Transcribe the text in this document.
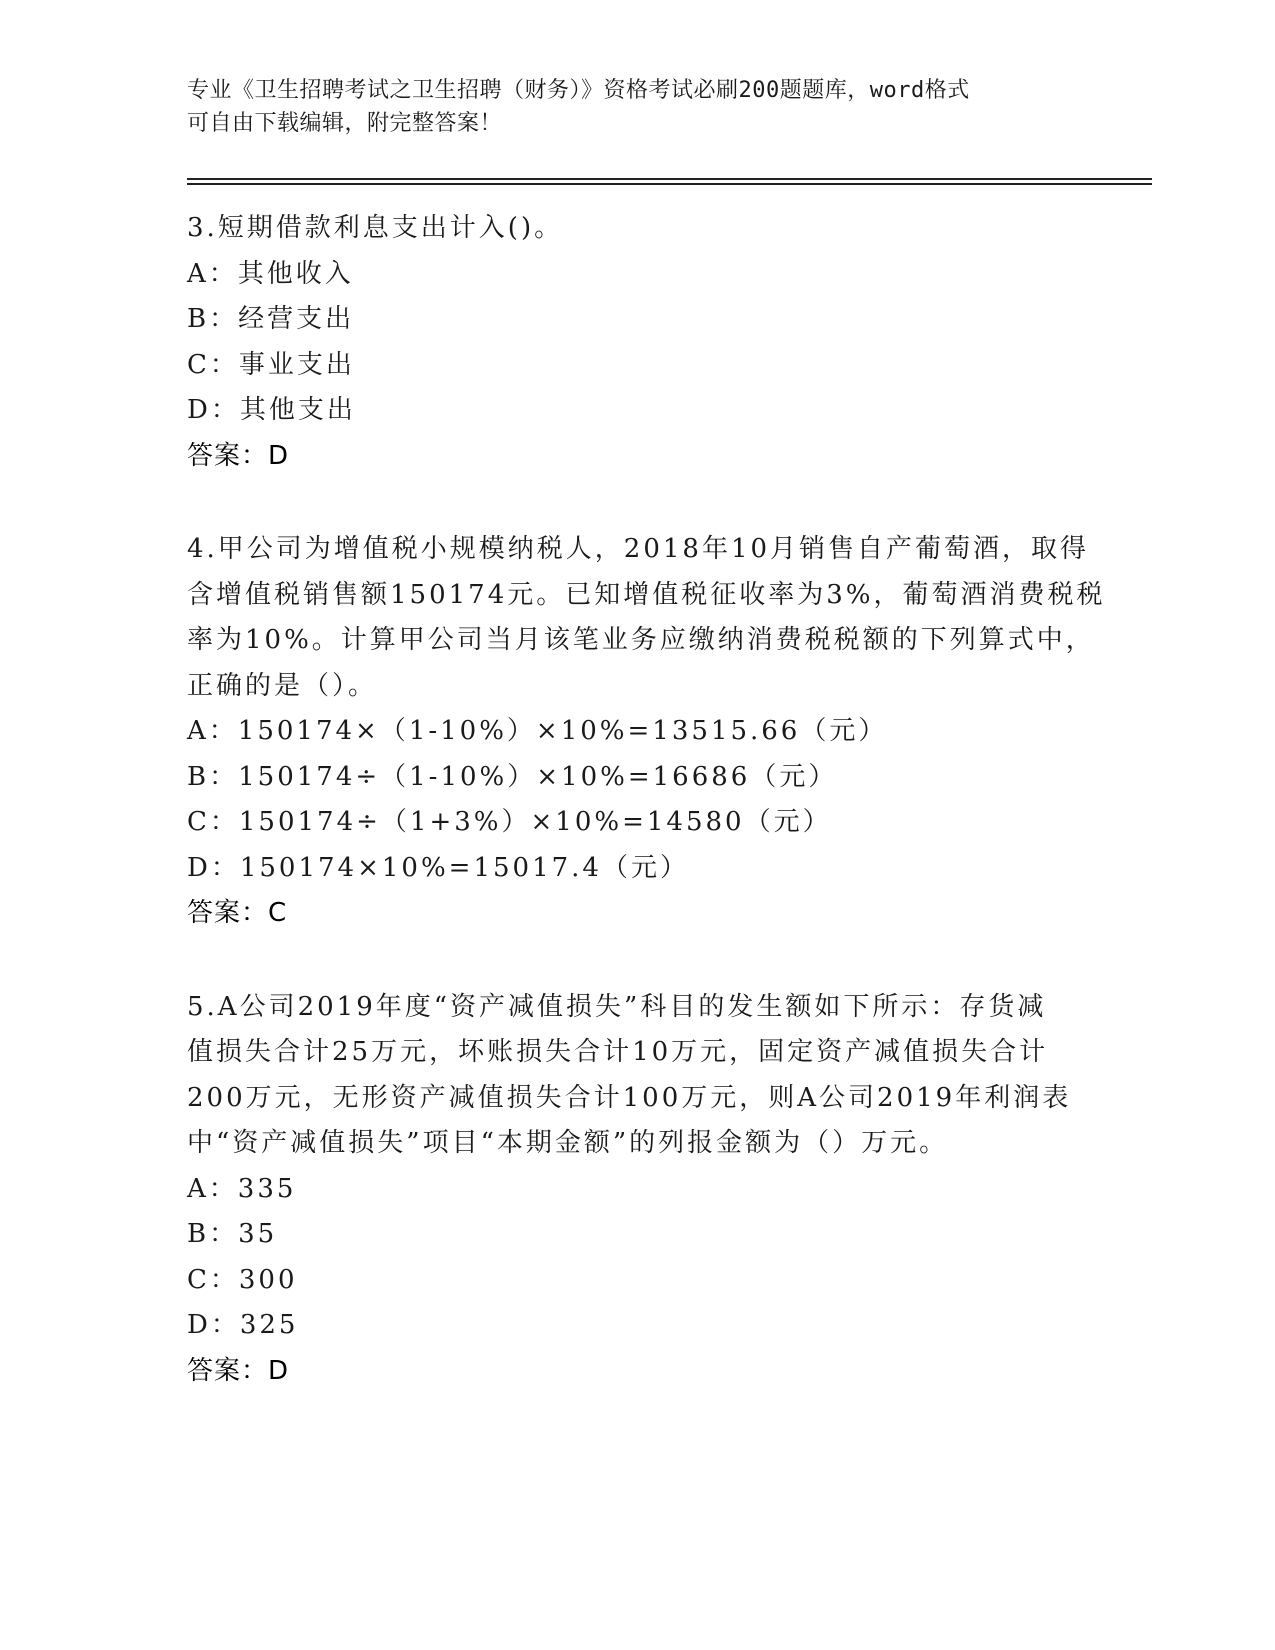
专业《卫生招聘考试之卫生招聘（财务）》资格考试必刷200题题库，word格式

可自由下载编辑，附完整答案！

3.短期借款利息支出计入()。
A：其他收入
B：经营支出
C：事业支出
D：其他支出
答案：D
4.甲公司为增值税小规模纳税人，2018年10月销售自产葡萄酒，取得
含增值税销售额150174元。已知增值税征收率为3%，葡萄酒消费税税
率为10%。计算甲公司当月该笔业务应缴纳消费税税额的下列算式中，
正确的是（）。
A：150174×（1-10%）×10%=13515.66（元）
B：150174÷（1-10%）×10%=16686（元）
C：150174÷（1+3%）×10%=14580（元）
D：150174×10%=15017.4（元）
答案：C
5.A公司2019年度“资产减值损失”科目的发生额如下所示：存货减
值损失合计25万元，坏账损失合计10万元，固定资产减值损失合计
200万元，无形资产减值损失合计100万元，则A公司2019年利润表
中“资产减值损失”项目“本期金额”的列报金额为（）万元。
A：335
B：35
C：300
D：325
答案：D
